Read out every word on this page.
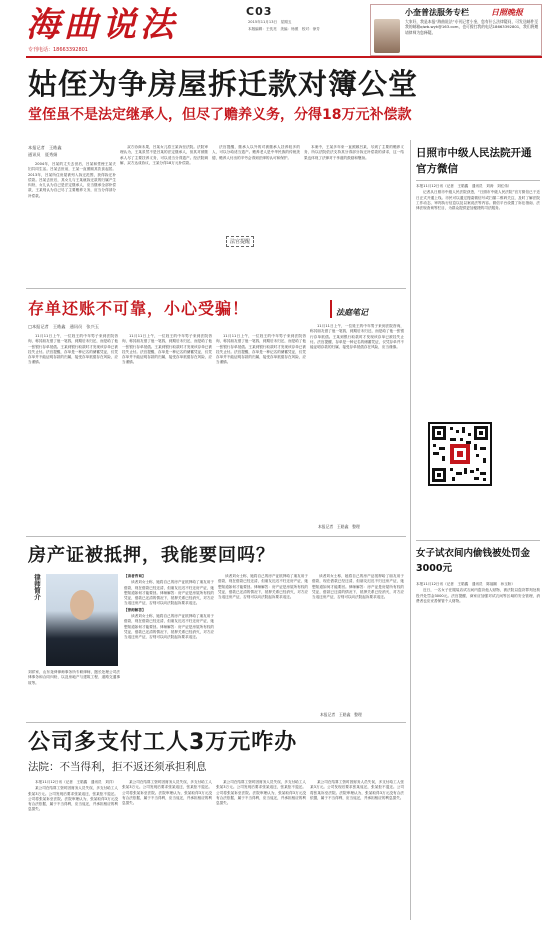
海曲说法
专刊电话：18663392801
C03
2015年11月13日　星期五
本版编辑：王忱亮　美编：杨照　校对：徐芳
小奎普法服务专栏	日照晚报
大家好，我是本报“海曲说法”专刊记者小奎，您有什么法律疑问，可发送邮件至我的邮箱qiwb-wyk@163.com，也可拨打我的电话18663392801，我们将邀请律师为您释疑。
姑侄为争房屋拆迁款对簿公堂
堂侄虽不是法定继承人，但尽了赡养义务，分得18万元补偿款
本报记者　王皓鑫
通讯员　聂秀娟

2004年，吕某的丈夫去世后，吕某和堂侄王某夫妇共同生活。吕某去世前，王某一直照顾其饮食起居。2013年，吕某所住房屋被列入拆迁范围，获得拆迁补偿款。吕某去世后，其女儿与王某就拆迁款的归属产生纠纷，女儿认为自己是法定继承人，应当继承全部补偿款，王某则认为自己尽了主要赡养义务，应当分得部分补偿款。

双方协商未果，吕某女儿将王某诉至法院。法院审理认为，王某虽然不是吕某的法定继承人，但其对被继承人尽了主要扶养义务，可以适当分得遗产。经法院调解，双方达成协议，王某分得18万元补偿款。

法官提醒，继承人以外的对被继承人扶养较多的人，可以分给适当遗产。赡养老人是中华民族的传统美德，赡养人付出的辛劳会得到法律的认可和保护。

法官提醒

本案中，王某多年来一直照顾吕某，尽到了主要的赡养义务，所以法院依法支持其分得部分拆迁补偿款的请求，这一结果也体现了法律对于孝道的鼓励和褒扬。	日照市中级人民法院开通官方微信

本报11月12日讯（记者　王皓鑫　通讯员　刘涛　刘红伟）

记者从日照市中级人民法院获悉，“日照市中级人民法院”官方微信已于近日正式开通上线。市民可以通过搜索微信号或扫描二维码关注，及时了解法院工作动态、审判执行信息以及以案说法等内容。微信平台设置了诉讼指南、法律法规查询等栏目，为群众提供更加便捷的司法服务。

女子试衣间内偷钱被处罚金3000元

本报11月12日讯（记者　王皓鑫　通讯员　陈福顺　孙玉娇）

近日，一名女子在服装店试衣间内盗窃他人财物，被法院以盗窃罪判处拘役并处罚金3000元。法官提醒，商家应加强对试衣间等区域的安全管理，消费者也应妥善保管个人财物。

存单还账不可靠，小心受骗！	法庭笔记
□本报记者　王皓鑫　通讯员　张兴玉

11月11日上午，一位姓王的中年男子来到法院咨询，称其朋友借了他一笔钱，到期后未归还，而是给了他一张银行存单抵债。王某到银行取款时才发现该存单已被挂失止付。法官提醒，存单是一种记名的储蓄凭证，仅凭存单并不能证明存款的归属，接受存单抵债存在风险，应当谨慎。

11月11日上午，一位姓王的中年男子来到法院咨询，称其朋友借了他一笔钱，到期后未归还，而是给了他一张银行存单抵债。王某到银行取款时才发现该存单已被挂失止付。法官提醒，存单是一种记名的储蓄凭证，仅凭存单并不能证明存款的归属，接受存单抵债存在风险，应当谨慎。

11月11日上午，一位姓王的中年男子来到法院咨询，称其朋友借了他一笔钱，到期后未归还，而是给了他一张银行存单抵债。王某到银行取款时才发现该存单已被挂失止付。法官提醒，存单是一种记名的储蓄凭证，仅凭存单并不能证明存款的归属，接受存单抵债存在风险，应当谨慎。

11月11日上午，一位姓王的中年男子来到法院咨询，称其朋友借了他一笔钱，到期后未归还，而是给了他一张银行存单抵债。王某到银行取款时才发现该存单已被挂失止付。法官提醒，存单是一种记名的储蓄凭证，仅凭存单并不能证明存款的归属，接受存单抵债存在风险，应当谨慎。

本报记者　王皓鑫　整理
房产证被抵押，我能要回吗？
律师简介

刘祥家，山东尧舜律师事务所专职律师，擅长处理公司法律事务和合同纠纷，以及房地产与建筑工程、道路交通事故等。

【读者咨询】

读者刘女士称，她将自己的房产证抵押给了朋友用于借款，现在借款已经还清，但朋友迟迟不归还房产证，她想知道如何才能要回。律师解答：房产证是房屋所有权的凭证，借款已还清的情况下，抵押关系已经消灭，对方应当返还房产证，否则可以向法院起诉要求返还。

【律师解答】

读者刘女士称，她将自己的房产证抵押给了朋友用于借款，现在借款已经还清，但朋友迟迟不归还房产证，她想知道如何才能要回。律师解答：房产证是房屋所有权的凭证，借款已还清的情况下，抵押关系已经消灭，对方应当返还房产证，否则可以向法院起诉要求返还。

读者刘女士称，她将自己的房产证抵押给了朋友用于借款，现在借款已经还清，但朋友迟迟不归还房产证，她想知道如何才能要回。律师解答：房产证是房屋所有权的凭证，借款已还清的情况下，抵押关系已经消灭，对方应当返还房产证，否则可以向法院起诉要求返还。

读者刘女士称，她将自己的房产证抵押给了朋友用于借款，现在借款已经还清，但朋友迟迟不归还房产证，她想知道如何才能要回。律师解答：房产证是房屋所有权的凭证，借款已还清的情况下，抵押关系已经消灭，对方应当返还房产证，否则可以向法院起诉要求返还。

本报记者　王皓鑫　整理
公司多支付工人3万元咋办
法院：不当得利，拒不返还须承担利息

本报11月12日讯（记者　王皓鑫　通讯员　刘洋）

某公司在结算工资时因财务人员失误，多支付给工人张某3万元。公司发现后要求张某返还，张某拒不退还。公司将张某诉至法院。法院审理认为，张某取得3万元没有合法依据，属于不当得利，应当返还，并承担相应的利息损失。

某公司在结算工资时因财务人员失误，多支付给工人张某3万元。公司发现后要求张某返还，张某拒不退还。公司将张某诉至法院。法院审理认为，张某取得3万元没有合法依据，属于不当得利，应当返还，并承担相应的利息损失。

某公司在结算工资时因财务人员失误，多支付给工人张某3万元。公司发现后要求张某返还，张某拒不退还。公司将张某诉至法院。法院审理认为，张某取得3万元没有合法依据，属于不当得利，应当返还，并承担相应的利息损失。

某公司在结算工资时因财务人员失误，多支付给工人张某3万元。公司发现后要求张某返还，张某拒不退还。公司将张某诉至法院。法院审理认为，张某取得3万元没有合法依据，属于不当得利，应当返还，并承担相应的利息损失。
